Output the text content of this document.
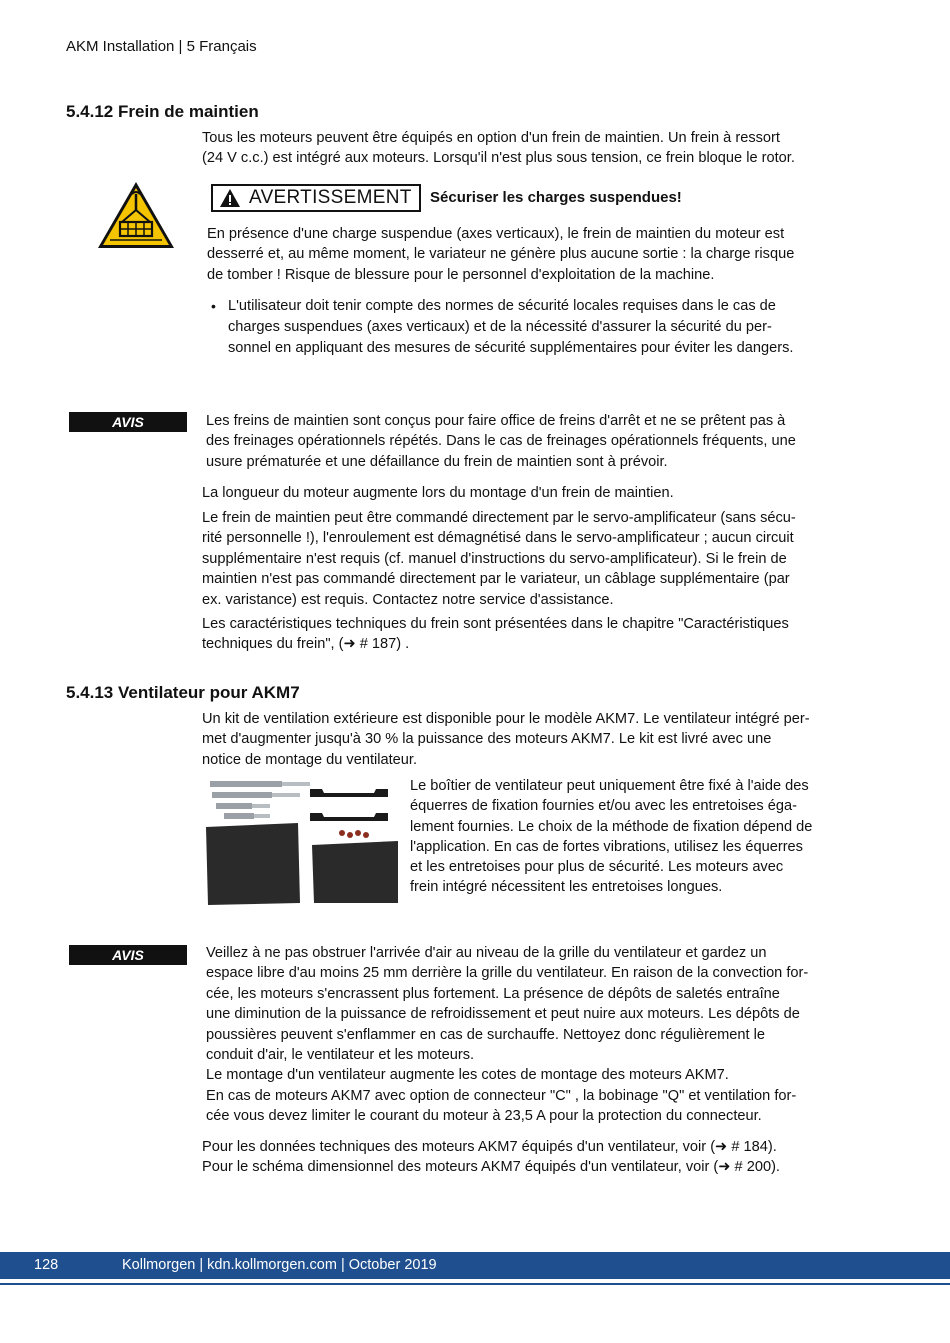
AKM Installation | 5 Français
5.4.12 Frein de maintien

Tous les moteurs peuvent être équipés en option d'un frein de maintien. Un frein à ressort

(24 V c.c.) est intégré aux moteurs. Lorsqu'il n'est plus sous tension, ce frein bloque le rotor.

AVERTISSEMENT Sécuriser les charges suspendues!

En présence d'une charge suspendue (axes verticaux), le frein de maintien du moteur est

desserré et, au même moment, le variateur ne génère plus aucune sortie : la charge risque

de tomber ! Risque de blessure pour le personnel d'exploitation de la machine.

• L'utilisateur doit tenir compte des normes de sécurité locales requises dans le cas de
charges suspendues (axes verticaux) et de la nécessité d'assurer la sécurité du per-
sonnel en appliquant des mesures de sécurité supplémentaires pour éviter les dangers.
AVIS	Les freins de maintien sont conçus pour faire office de freins d'arrêt et ne se prêtent pas à

des freinages opérationnels répétés. Dans le cas de freinages opérationnels fréquents, une

usure prématurée et une défaillance du frein de maintien sont à prévoir.

La longueur du moteur augmente lors du montage d'un frein de maintien.

Le frein de maintien peut être commandé directement par le servo-amplificateur (sans sécu-

rité personnelle !), l'enroulement est démagnétisé dans le servo-amplificateur ; aucun circuit

supplémentaire n'est requis (cf. manuel d'instructions du servo-amplificateur). Si le frein de

maintien n'est pas commandé directement par le variateur, un câblage supplémentaire (par

ex. varistance) est requis. Contactez notre service d'assistance.

Les caractéristiques techniques du frein sont présentées dans le chapitre "Caractéristiques

techniques du frein", (➜ # 187) .

5.4.13 Ventilateur pour AKM7

Un kit de ventilation extérieure est disponible pour le modèle AKM7. Le ventilateur intégré per-

met d'augmenter jusqu'à 30 % la puissance des moteurs AKM7. Le kit est livré avec une

notice de montage du ventilateur.

Le boîtier de ventilateur peut uniquement être fixé à l'aide des
équerres de fixation fournies et/ou avec les entretoises éga-
lement fournies. Le choix de la méthode de fixation dépend de
l'application. En cas de fortes vibrations, utilisez les équerres
et les entretoises pour plus de sécurité. Les moteurs avec
frein intégré nécessitent les entretoises longues.
AVIS	Veillez à ne pas obstruer l'arrivée d'air au niveau de la grille du ventilateur et gardez un

espace libre d'au moins 25 mm derrière la grille du ventilateur. En raison de la convection for-

cée, les moteurs s'encrassent plus fortement. La présence de dépôts de saletés entraîne

une diminution de la puissance de refroidissement et peut nuire aux moteurs. Les dépôts de

poussières peuvent s'enflammer en cas de surchauffe. Nettoyez donc régulièrement le

conduit d'air, le ventilateur et les moteurs.

Le montage d'un ventilateur augmente les cotes de montage des moteurs AKM7.

En cas de moteurs AKM7 avec option de connecteur "C" , la bobinage "Q" et ventilation for-

cée vous devez limiter le courant du moteur à 23,5 A pour la protection du connecteur.

Pour les données techniques des moteurs AKM7 équipés d'un ventilateur, voir (➜ # 184).

Pour le schéma dimensionnel des moteurs AKM7 équipés d'un ventilateur, voir (➜ # 200).

128	Kollmorgen | kdn.kollmorgen.com | October 2019
